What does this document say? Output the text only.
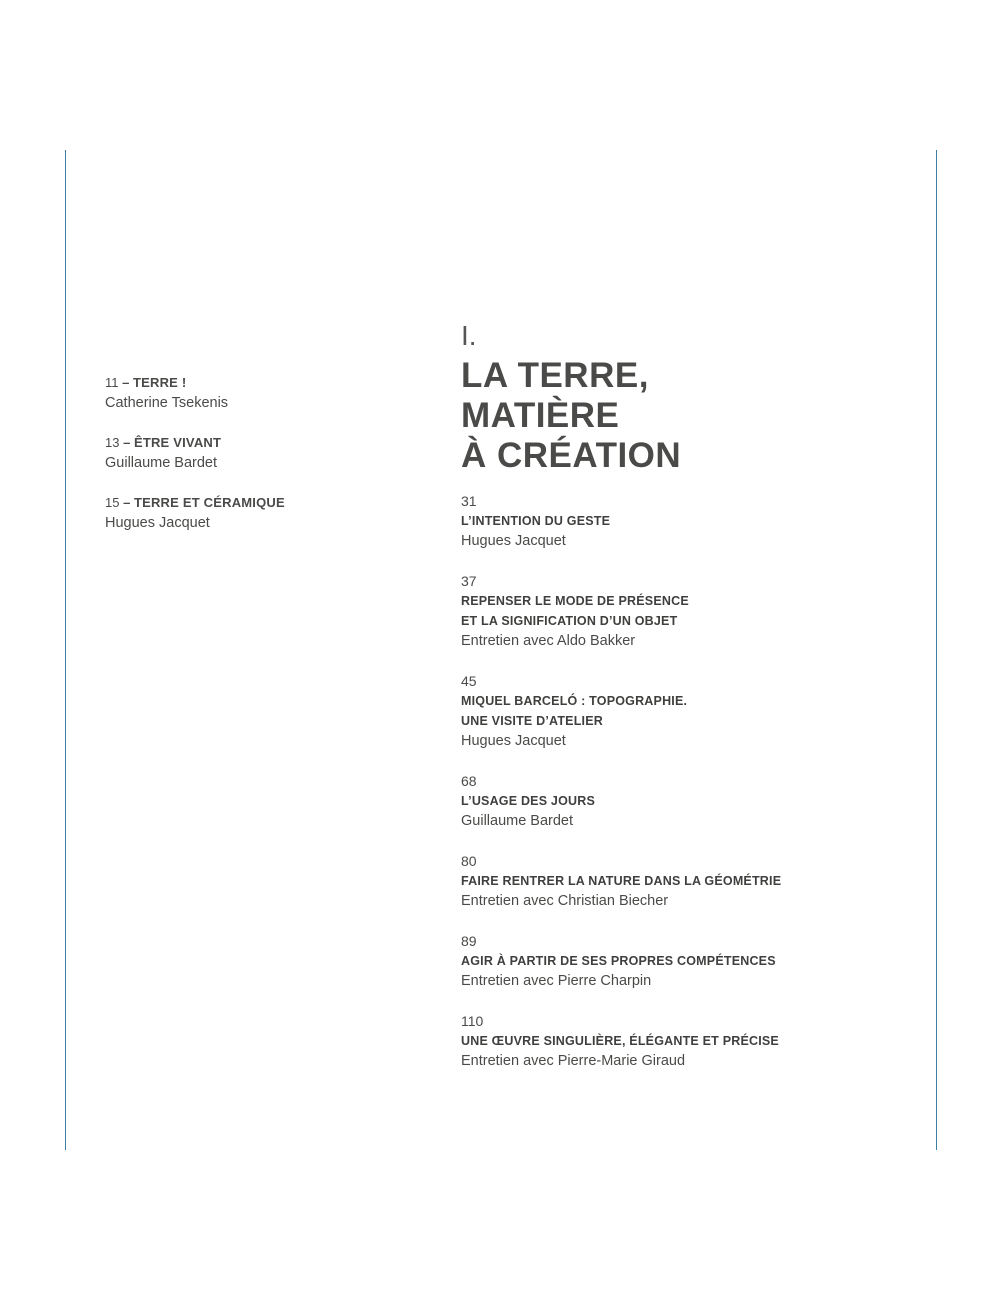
11 – TERRE !
Catherine Tsekenis
13 – ÊTRE VIVANT
Guillaume Bardet
15 – TERRE ET CÉRAMIQUE
Hugues Jacquet
I.
LA TERRE,
MATIÈRE
À CRÉATION
31
L’INTENTION DU GESTE
Hugues Jacquet
37
REPENSER LE MODE DE PRÉSENCE
ET LA SIGNIFICATION D’UN OBJET
Entretien avec Aldo Bakker
45
MIQUEL BARCELÓ : TOPOGRAPHIE.
UNE VISITE D’ATELIER
Hugues Jacquet
68
L’USAGE DES JOURS
Guillaume Bardet
80
FAIRE RENTRER LA NATURE DANS LA GÉOMÉTRIE
Entretien avec Christian Biecher
89
AGIR À PARTIR DE SES PROPRES COMPÉTENCES
Entretien avec Pierre Charpin
110
UNE ŒUVRE SINGULIÈRE, ÉLÉGANTE ET PRÉCISE
Entretien avec Pierre-Marie Giraud
